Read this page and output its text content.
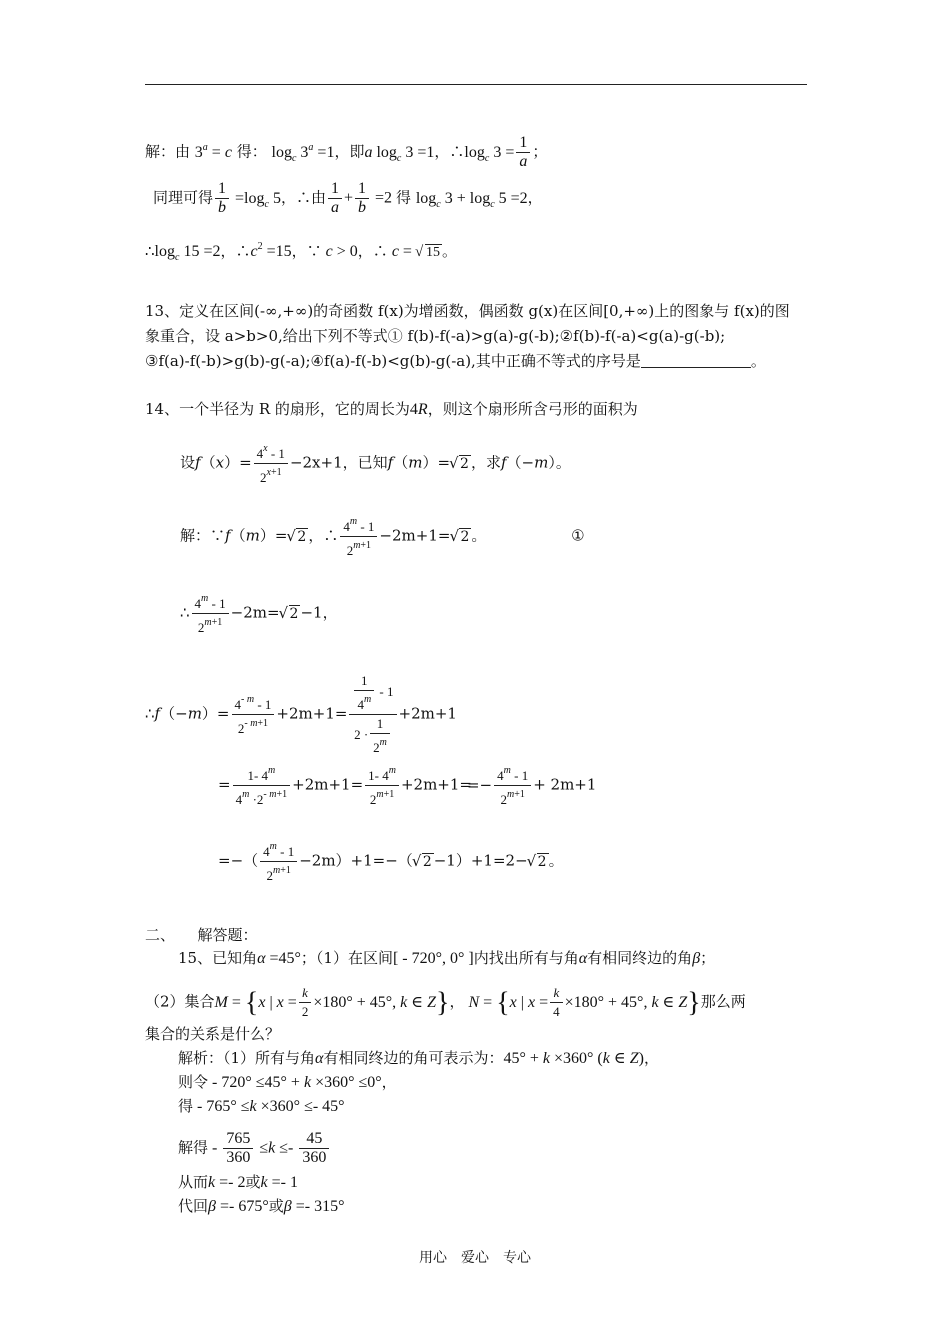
解：由 $3^a = c$ 得： $\log_c 3^a =1$，即a $\log_c 3 =1$，$\therefore\log_c$ $3 = \frac{1}{a}$ ；
同理可得 $\frac{1}{b} =\log_c$ 5，∴由 $\frac{1}{a} + \frac{1}{b} =2$ 得 $\log_c 3 + \log_c 5 =2$，
$\therefore\log_c$ 15 =2，$\therefore c^2 =15$，∵ c > 0，∴ c = √ 15 。
13、定义在区间(-∞,+∞)的奇函数 f(x)为增函数，偶函数 g(x)在区间[0,+∞)上的图象与 f(x)的图
象重合，设 a>b>0,给出下列不等式① f(b)-f(-a)>g(a)-g(-b);②f(b)-f(-a)<g(a)-g(-b);
③f(a)-f(-b)>g(b)-g(-a);④f(a)-f(-b)<g(b)-g(-a),其中正确不等式的序号是	。
14、一个半径为 R 的扇形，它的周长为4R，则这个扇形所含弓形的面积为
设$f(x)= \frac{4^x - 1}{2^{x+1}} -2x+1$，已知f（m）=√ 2 ，求f（−m）。
解：∵f（m）=√ 2 ，∴ $\frac{4^m - 1}{2^{m+1}} -2m+1=√$ 2 。	①
∴ $\frac{4^m - 1}{2^{m+1}} -2m=√$ 2 −1，
∴f（−m）= $\frac{4^{- m} - 1}{2^{- m+1}} +2m+1= \frac{\frac{1}{4^m} - 1}{2 \cdot \frac{1}{2^m}} +2m+1$
= $\frac{1- 4^m}{4^m \cdot 2^{- m+1}} +2m+1= \frac{1- 4^m}{2^{m+1}} +2m+1==- \frac{4^m - 1}{2^{m+1}} + 2m+1$
=−（ $\frac{4^m - 1}{2^{m+1}} -2m)+1=-(√$ 2 −1）+1=2−√ 2 。
二、　　解答题：
15、已知角α =45°；（1）在区间[ - 720°, 0° ]内找出所有与角α有相同终边的角β；
（2）集合M = {x | $x = \frac{k}{2} \times 180^\circ + 45^\circ$, k ∈ Z}， N = {x | $x = \frac{k}{4} \times 180^\circ + 45^\circ$, k ∈ Z}那么两
集合的关系是什么？
解析：（1）所有与角α有相同终边的角可表示为：45° + k ×360° (k ∈ Z)，
则令 - 720° ≤45° + k ×360° ≤0°，
得 - 765° ≤k ×360° ≤- 45°
解得 - $\frac{765}{360} \le k \le- \frac{45}{360}$
从而k =- 2或k =- 1
代回β =- 675°或β =- 315°
用心　爱心　专心
